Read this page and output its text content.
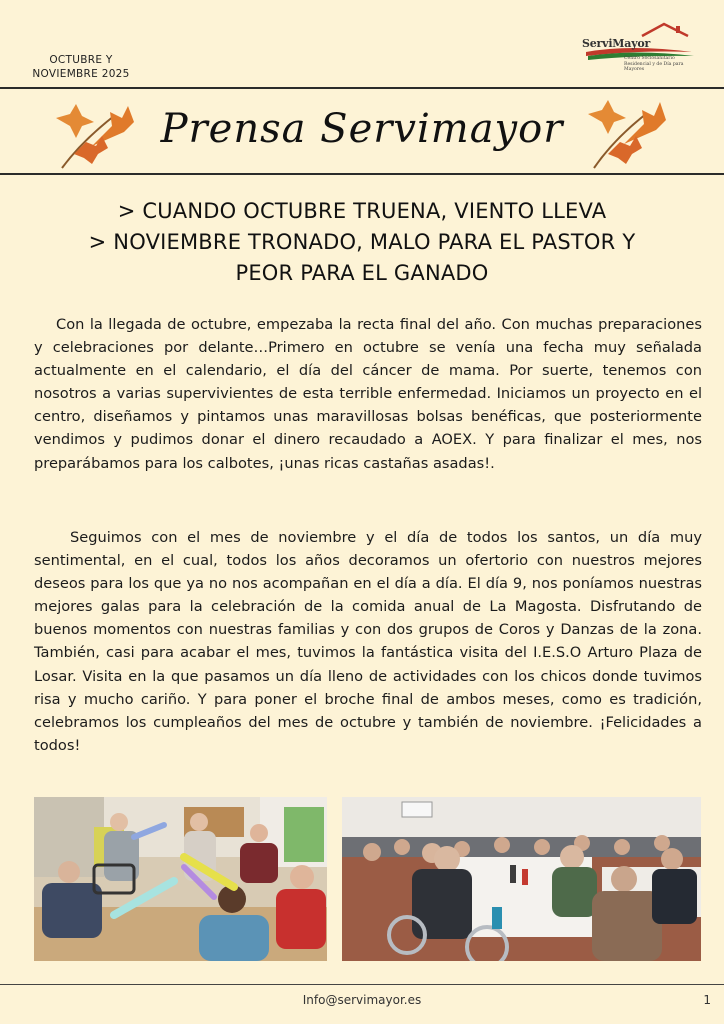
OCTUBRE Y
NOVIEMBRE 2025
ServiMayor
Centro Sociosanitario Residencial y de Día para Mayores
Prensa Servimayor
> CUANDO OCTUBRE TRUENA, VIENTO LLEVA
> NOVIEMBRE TRONADO, MALO PARA EL PASTOR Y
PEOR PARA EL GANADO

Con la llegada de octubre, empezaba la recta final del año. Con muchas preparaciones y celebraciones por delante…Primero en octubre se venía una fecha muy señalada actualmente en el calendario, el día del cáncer de mama. Por suerte, tenemos con nosotros a varias supervivientes de esta terrible enfermedad. Iniciamos un proyecto en el centro, diseñamos y pintamos unas maravillosas bolsas benéficas, que posteriormente vendimos y pudimos donar el dinero recaudado a AOEX. Y para finalizar el mes, nos preparábamos para los calbotes, ¡unas ricas castañas asadas!.

Seguimos con el mes de noviembre y el día de todos los santos, un día muy sentimental, en el cual, todos los años decoramos un ofertorio con nuestros mejores deseos para los que ya no nos acompañan en el día a día. El día 9, nos poníamos nuestras mejores galas para la celebración de la comida anual de La Magosta. Disfrutando de buenos momentos con nuestras familias y con dos grupos de Coros y Danzas de la zona. También, casi para acabar el mes, tuvimos la fantástica visita del I.E.S.O Arturo Plaza de Losar. Visita en la que pasamos un día lleno de actividades con los chicos donde tuvimos risa y mucho cariño. Y para poner el broche final de ambos meses, como es tradición, celebramos los cumpleaños del mes de octubre y también de noviembre. ¡Felicidades a todos!

Info@servimayor.es	1
